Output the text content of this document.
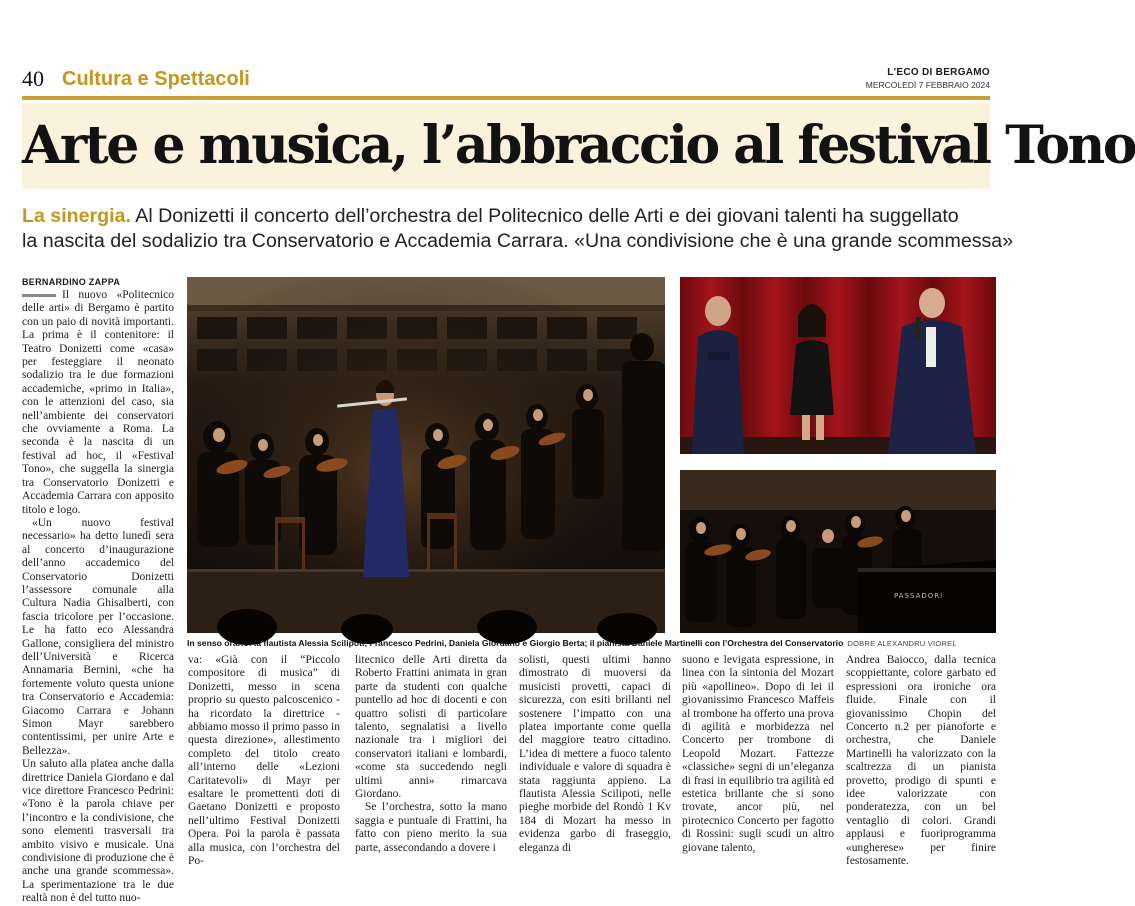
40 Cultura e Spettacoli	L'ECO DI BERGAMO
MERCOLEDÌ 7 FEBBRAIO 2024
Arte e musica, l’abbraccio al festival Tono

La sinergia. Al Donizetti il concerto dell’orchestra del Politecnico delle Arti e dei giovani talenti ha suggellato

la nascita del sodalizio tra Conservatorio e Accademia Carrara. «Una condivisione che è una grande scommessa»

BERNARDINO ZAPPA

Il nuovo «Politecnico delle arti» di Bergamo è partito con un paio di novità importanti. La prima è il contenitore: il Teatro Donizetti come «casa» per festeggiare il neonato sodalizio tra le due formazioni accademiche, «primo in Italia», con le attenzioni del caso, sia nell’ambiente dei conservatori che ovviamente a Roma. La seconda è la nascita di un festival ad hoc, il «Festival Tono», che suggella la sinergia tra Conservatorio Donizetti e Accademia Carrara con apposito titolo e logo.

«Un nuovo festival necessario» ha detto lunedì sera al concerto d’inaugurazione dell’anno accademico del Conservatorio Donizetti l’assessore comunale alla Cultura Nadia Ghisalberti, con fascia tricolore per l’occasione. Le ha fatto eco Alessandra Gallone, consigliera del ministro dell’Università e Ricerca Annamaria Bernini, «che ha fortemente voluto questa unione tra Conservatorio e Accademia: Giacomo Carrara e Johann Simon Mayr sarebbero contentissimi, per unire Arte e Bellezza».

Un saluto alla platea anche dalla direttrice Daniela Giordano e dal vice direttore Francesco Pedrini: «Tono è la parola chiave per l’incontro e la condivisione, che sono elementi trasversali tra ambito visivo e musicale. Una condivisione di produzione che è anche una grande scommessa». La sperimentazione tra le due realtà non è del tutto nuo-

PASSADORI
In senso orario: la flautista Alessia Scilipoti; Francesco Pedrini, Daniela Giordano e Giorgio Berta; il pianista Daniele Martinelli con l’Orchestra del Conservatorio DOBRE ALEXANDRU VIOREL

va: «Già con il “Piccolo compositore di musica” di Donizetti, messo in scena proprio su questo palcoscenico - ha ricordato la direttrice - abbiamo mosso il primo passo in questa direzione», allestimento completo del titolo creato all’interno delle «Lezioni Caritatevoli» di Mayr per esaltare le promettenti doti di Gaetano Donizetti e proposto nell’ultimo Festival Donizetti Opera. Poi la parola è passata alla musica, con l’orchestra del Po-

litecnico delle Arti diretta da Roberto Frattini animata in gran parte da studenti con qualche puntello ad hoc di docenti e con quattro solisti di particolare talento, segnalatisi a livello nazionale tra i migliori dei conservatori italiani e lombardi, «come sta succedendo negli ultimi anni» rimarcava Giordano.

Se l’orchestra, sotto la mano saggia e puntuale di Frattini, ha fatto con pieno merito la sua parte, assecondando a dovere i

solisti, questi ultimi hanno dimostrato di muoversi da musicisti provetti, capaci di sicurezza, con esiti brillanti nel sostenere l’impatto con una platea importante come quella del maggiore teatro cittadino. L’idea di mettere a fuoco talento individuale e valore di squadra è stata raggiunta appieno. La flautista Alessia Scilipoti, nelle pieghe morbide del Rondò 1 Kv 184 di Mozart ha messo in evidenza garbo di fraseggio, eleganza di

suono e levigata espressione, in linea con la sintonia del Mozart più «apollineo». Dopo di lei il giovanissimo Francesco Maffeis al trombone ha offerto una prova di agilità e morbidezza nel Concerto per trombone di Leopold Mozart. Fattezze «classiche» segni di un’eleganza di frasi in equilibrio tra agilità ed estetica brillante che si sono trovate, ancor più, nel pirotecnico Concerto per fagotto di Rossini: sugli scudi un altro giovane talento,

Andrea Baiocco, dalla tecnica scoppiettante, colore garbato ed espressioni ora ironiche ora fluide. Finale con il giovanissimo Chopin del Concerto n.2 per pianoforte e orchestra, che Daniele Martinelli ha valorizzato con la scaltrezza di un pianista provetto, prodigo di spunti e idee valorizzate con ponderatezza, con un bel ventaglio di colori. Grandi applausi e fuoriprogramma «ungherese» per finire festosamente.
